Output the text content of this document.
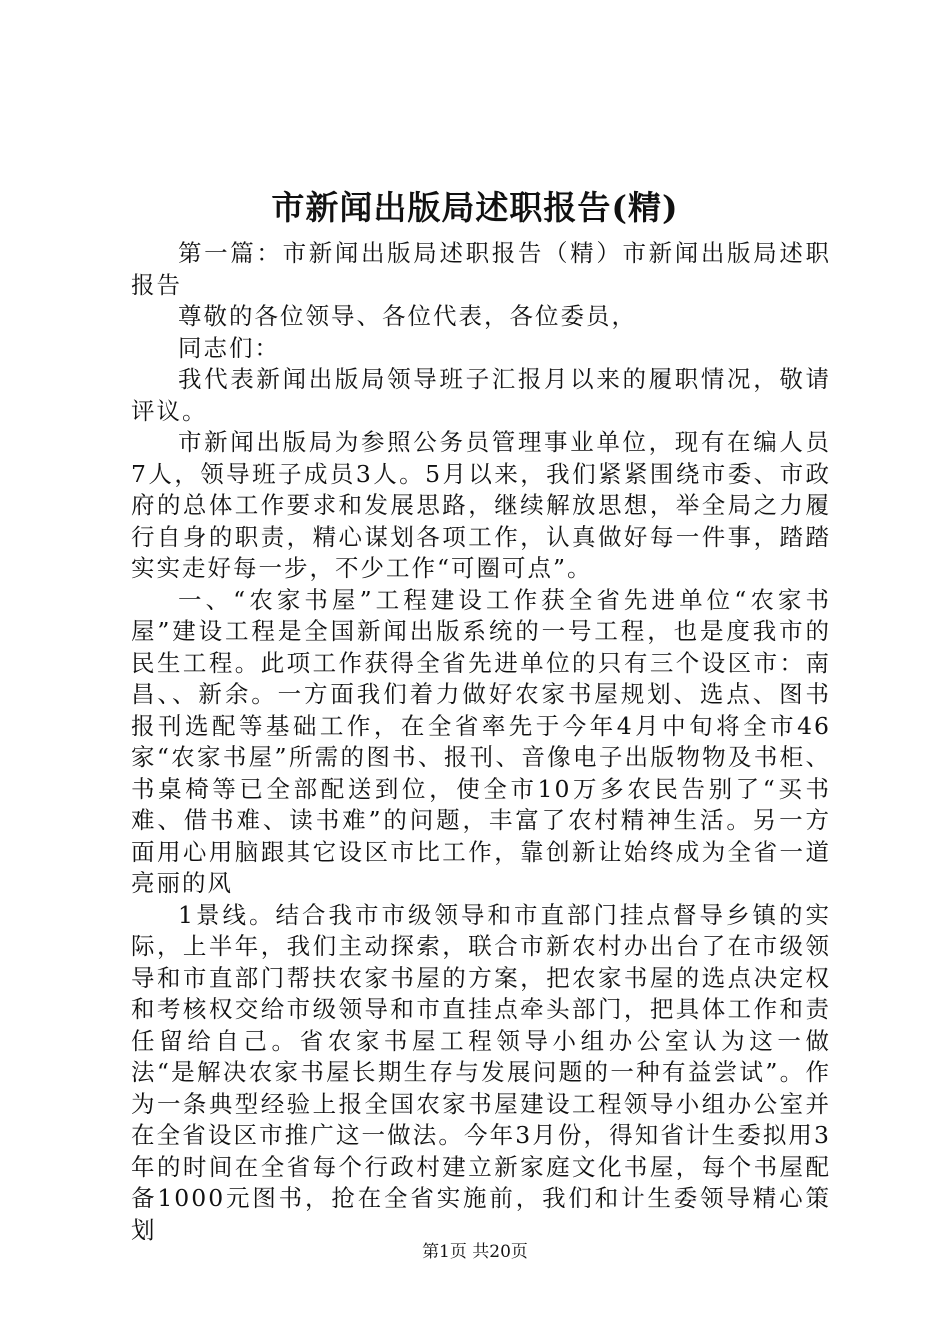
市新闻出版局述职报告(精)

第一篇：市新闻出版局述职报告（精）市新闻出版局述职报告

尊敬的各位领导、各位代表，各位委员，

同志们：

我代表新闻出版局领导班子汇报月以来的履职情况，敬请评议。

市新闻出版局为参照公务员管理事业单位，现有在编人员7人，领导班子成员3人。5月以来，我们紧紧围绕市委、市政府的总体工作要求和发展思路，继续解放思想，举全局之力履行自身的职责，精心谋划各项工作，认真做好每一件事，踏踏实实走好每一步，不少工作“可圈可点”。

一、“农家书屋”工程建设工作获全省先进单位“农家书屋”建设工程是全国新闻出版系统的一号工程，也是度我市的民生工程。此项工作获得全省先进单位的只有三个设区市：南昌、、新余。一方面我们着力做好农家书屋规划、选点、图书报刊选配等基础工作，在全省率先于今年4月中旬将全市46家“农家书屋”所需的图书、报刊、音像电子出版物物及书柜、书桌椅等已全部配送到位，使全市10万多农民告别了“买书难、借书难、读书难”的问题，丰富了农村精神生活。另一方面用心用脑跟其它设区市比工作，靠创新让始终成为全省一道亮丽的风

1景线。结合我市市级领导和市直部门挂点督导乡镇的实际，上半年，我们主动探索，联合市新农村办出台了在市级领导和市直部门帮扶农家书屋的方案，把农家书屋的选点决定权和考核权交给市级领导和市直挂点牵头部门，把具体工作和责任留给自己。省农家书屋工程领导小组办公室认为这一做法“是解决农家书屋长期生存与发展问题的一种有益尝试”。作为一条典型经验上报全国农家书屋建设工程领导小组办公室并在全省设区市推广这一做法。今年3月份，得知省计生委拟用3年的时间在全省每个行政村建立新家庭文化书屋，每个书屋配备1000元图书，抢在全省实施前，我们和计生委领导精心策划

第1页 共20页
